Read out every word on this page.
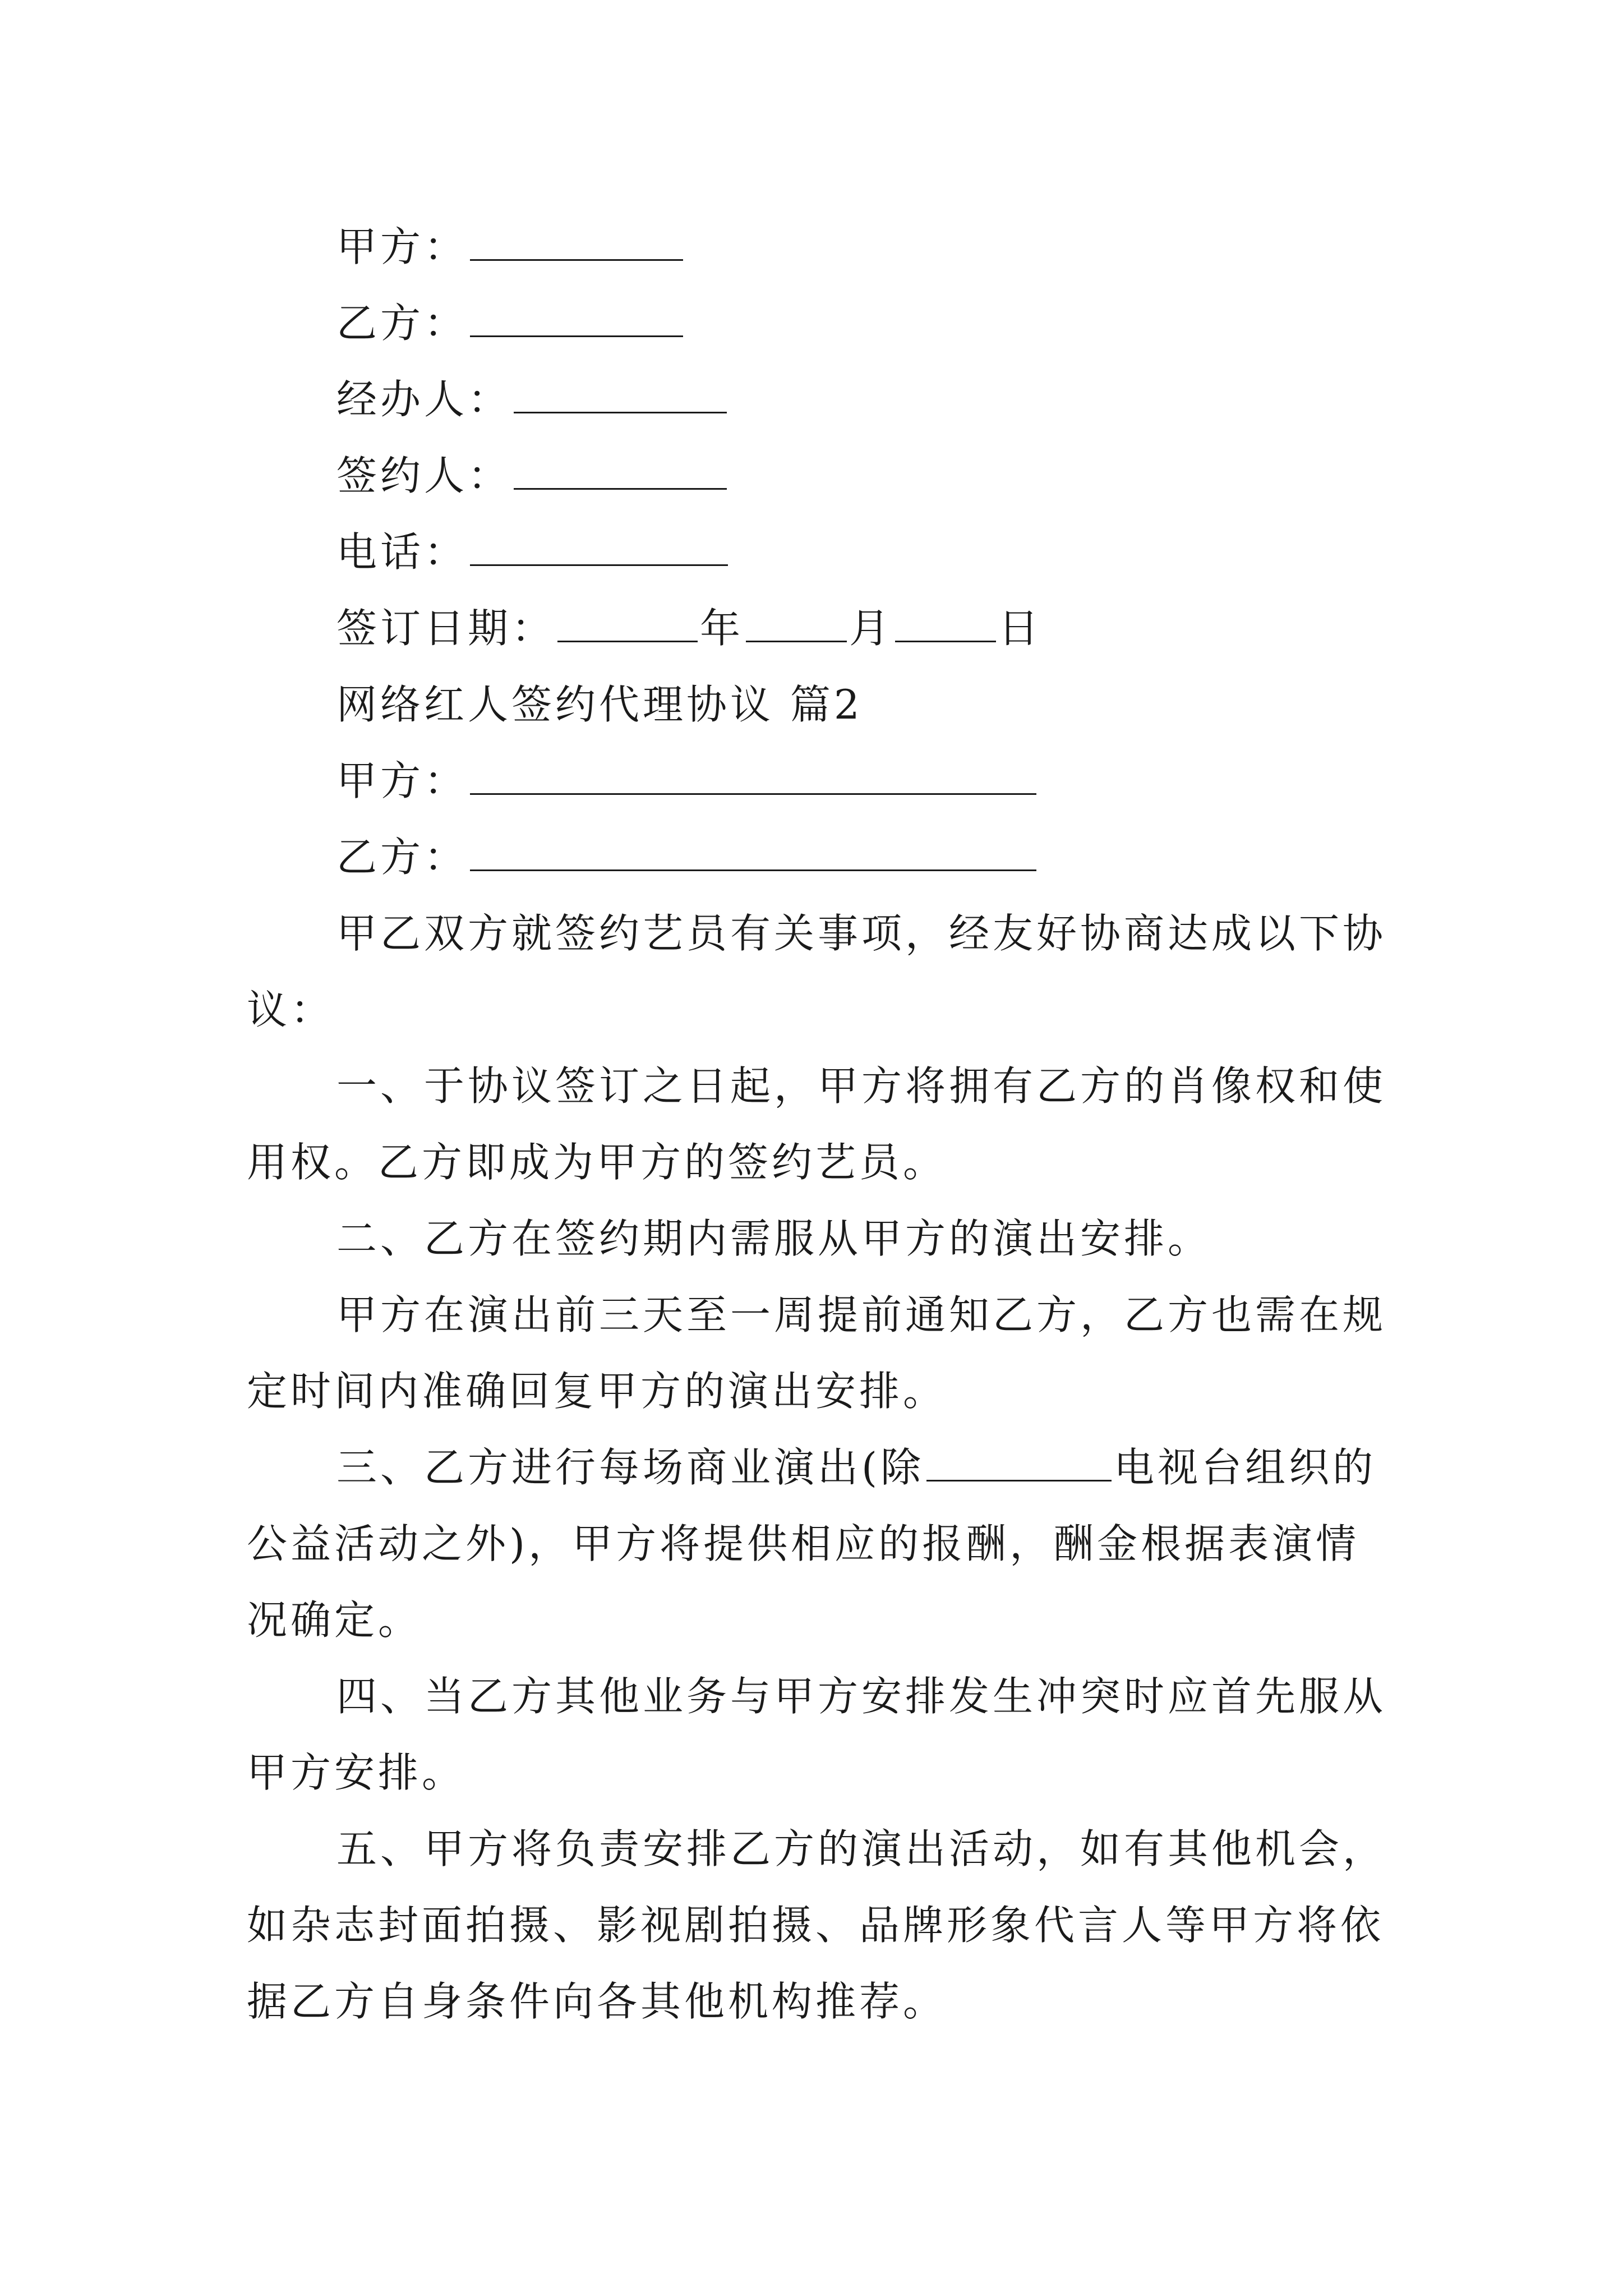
甲方：
乙方：
经办人：
签约人：
电话：
签订日期：	年	月	日
网络红人签约代理协议 篇2
甲方：
乙方：
甲乙双方就签约艺员有关事项，经友好协商达成以下协
议：
一、于协议签订之日起，甲方将拥有乙方的肖像权和使
用权。乙方即成为甲方的签约艺员。
二、乙方在签约期内需服从甲方的演出安排。
甲方在演出前三天至一周提前通知乙方，乙方也需在规
定时间内准确回复甲方的演出安排。
三、乙方进行每场商业演出(除	电视台组织的
公益活动之外)，甲方将提供相应的报酬，酬金根据表演情
况确定。
四、当乙方其他业务与甲方安排发生冲突时应首先服从
甲方安排。
五、甲方将负责安排乙方的演出活动，如有其他机会，
如杂志封面拍摄、影视剧拍摄、品牌形象代言人等甲方将依
据乙方自身条件向各其他机构推荐。
